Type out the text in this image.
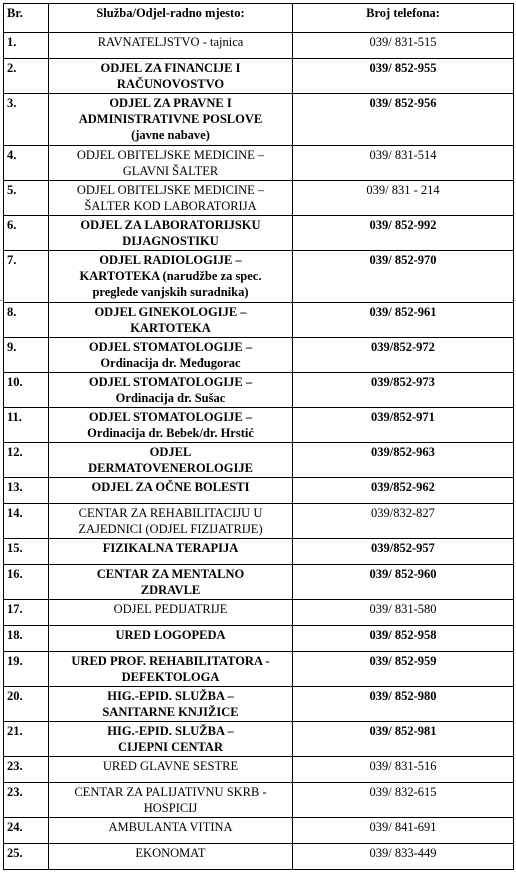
Br.	Služba/Odjel-radno mjesto:	Broj telefona:
1.	RAVNATELJSTVO - tajnica	039/ 831-515
2.	ODJEL ZA FINANCIJE I
RAČUNOVOSTVO	039/ 852-955
3.	ODJEL ZA PRAVNE I
ADMINISTRATIVNE POSLOVE
(javne nabave)	039/ 852-956
4.	ODJEL OBITELJSKE MEDICINE –
GLAVNI ŠALTER	039/ 831-514
5.	ODJEL OBITELJSKE MEDICINE –
ŠALTER KOD LABORATORIJA	039/ 831 - 214
6.	ODJEL ZA LABORATORIJSKU
DIJAGNOSTIKU	039/ 852-992
7.	ODJEL RADIOLOGIJE –
KARTOTEKA (narudžbe za spec.
preglede vanjskih suradnika)	039/ 852-970
8.	ODJEL GINEKOLOGIJE –
KARTOTEKA	039/ 852-961
9.	ODJEL STOMATOLOGIJE –
Ordinacija dr. Međugorac	039/852-972
10.	ODJEL STOMATOLOGIJE –
Ordinacija dr. Sušac	039/852-973
11.	ODJEL STOMATOLOGIJE –
Ordinacija dr. Bebek/dr. Hrstić	039/852-971
12.	ODJEL
DERMATOVENEROLOGIJE	039/852-963
13.	ODJEL ZA OČNE BOLESTI	039/852-962
14.	CENTAR ZA REHABILITACIJU U
ZAJEDNICI (ODJEL FIZIJATRIJE)	039/832-827
15.	FIZIKALNA TERAPIJA	039/852-957
16.	CENTAR ZA MENTALNO
ZDRAVLE	039/ 852-960
17.	ODJEL PEDIJATRIJE	039/ 831-580
18.	URED LOGOPEDA	039/ 852-958
19.	URED PROF. REHABILITATORA -
DEFEKTOLOGA	039/ 852-959
20.	HIG.-EPID. SLUŽBA –
SANITARNE KNJIŽICE	039/ 852-980
21.	HIG.-EPID. SLUŽBA –
CIJEPNI CENTAR	039/ 852-981
23.	URED GLAVNE SESTRE	039/ 831-516
23.	CENTAR ZA PALIJATIVNU SKRB -
HOSPICIJ	039/ 832-615
24.	AMBULANTA VITINA	039/ 841-691
25.	EKONOMAT	039/ 833-449
